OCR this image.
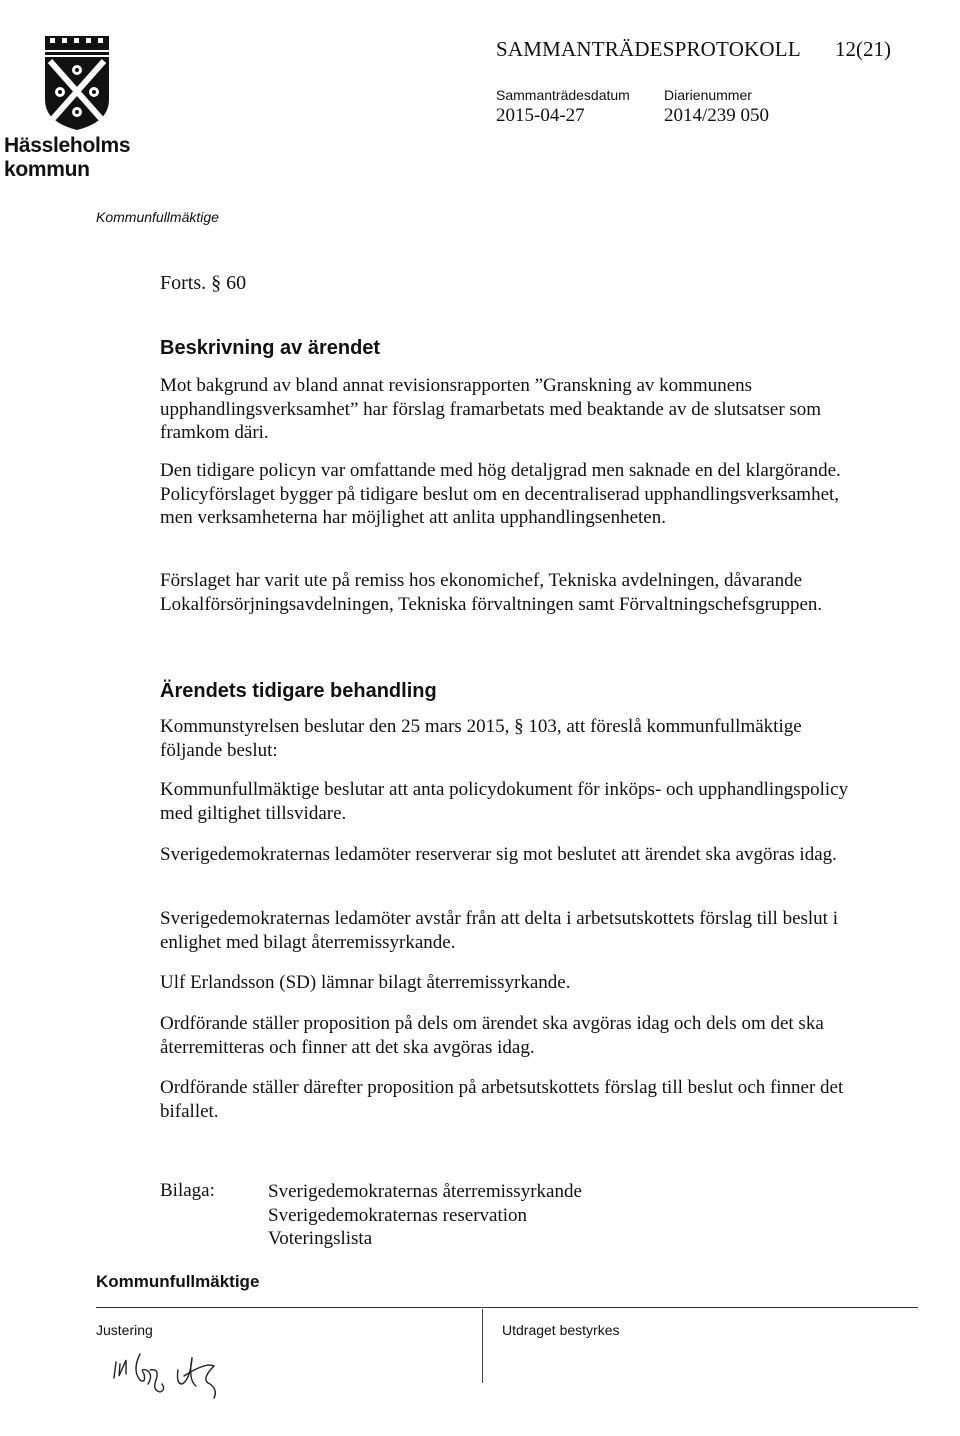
Hässleholms
kommun
SAMMANTRÄDESPROTOKOLL 12(21)
Sammanträdesdatum
2015-04-27
Diarienummer
2014/239 050
Kommunfullmäktige
Forts. § 60
Beskrivning av ärendet

Mot bakgrund av bland annat revisionsrapporten ”Granskning av kommunens upphandlingsverksamhet” har förslag framarbetats med beaktande av de slutsatser som framkom däri.

Den tidigare policyn var omfattande med hög detaljgrad men saknade en del klargörande. Policyförslaget bygger på tidigare beslut om en decentraliserad upphandlingsverksamhet, men verksamheterna har möjlighet att anlita upphandlingsenheten.

Förslaget har varit ute på remiss hos ekonomichef, Tekniska avdelningen, dåvarande Lokalförsörjningsavdelningen, Tekniska förvaltningen samt Förvaltningschefsgruppen.

Ärendets tidigare behandling

Kommunstyrelsen beslutar den 25 mars 2015, § 103, att föreslå kommunfullmäktige följande beslut:

Kommunfullmäktige beslutar att anta policydokument för inköps- och upphandlingspolicy med giltighet tillsvidare.

Sverigedemokraternas ledamöter reserverar sig mot beslutet att ärendet ska avgöras idag.

Sverigedemokraternas ledamöter avstår från att delta i arbetsutskottets förslag till beslut i enlighet med bilagt återremissyrkande.

Ulf Erlandsson (SD) lämnar bilagt återremissyrkande.

Ordförande ställer proposition på dels om ärendet ska avgöras idag och dels om det ska återremitteras och finner att det ska avgöras idag.

Ordförande ställer därefter proposition på arbetsutskottets förslag till beslut och finner det bifallet.

Bilaga:	Sverigedemokraternas återremissyrkande
Sverigedemokraternas reservation
Voteringslista
Kommunfullmäktige
Justering	Utdraget bestyrkes
